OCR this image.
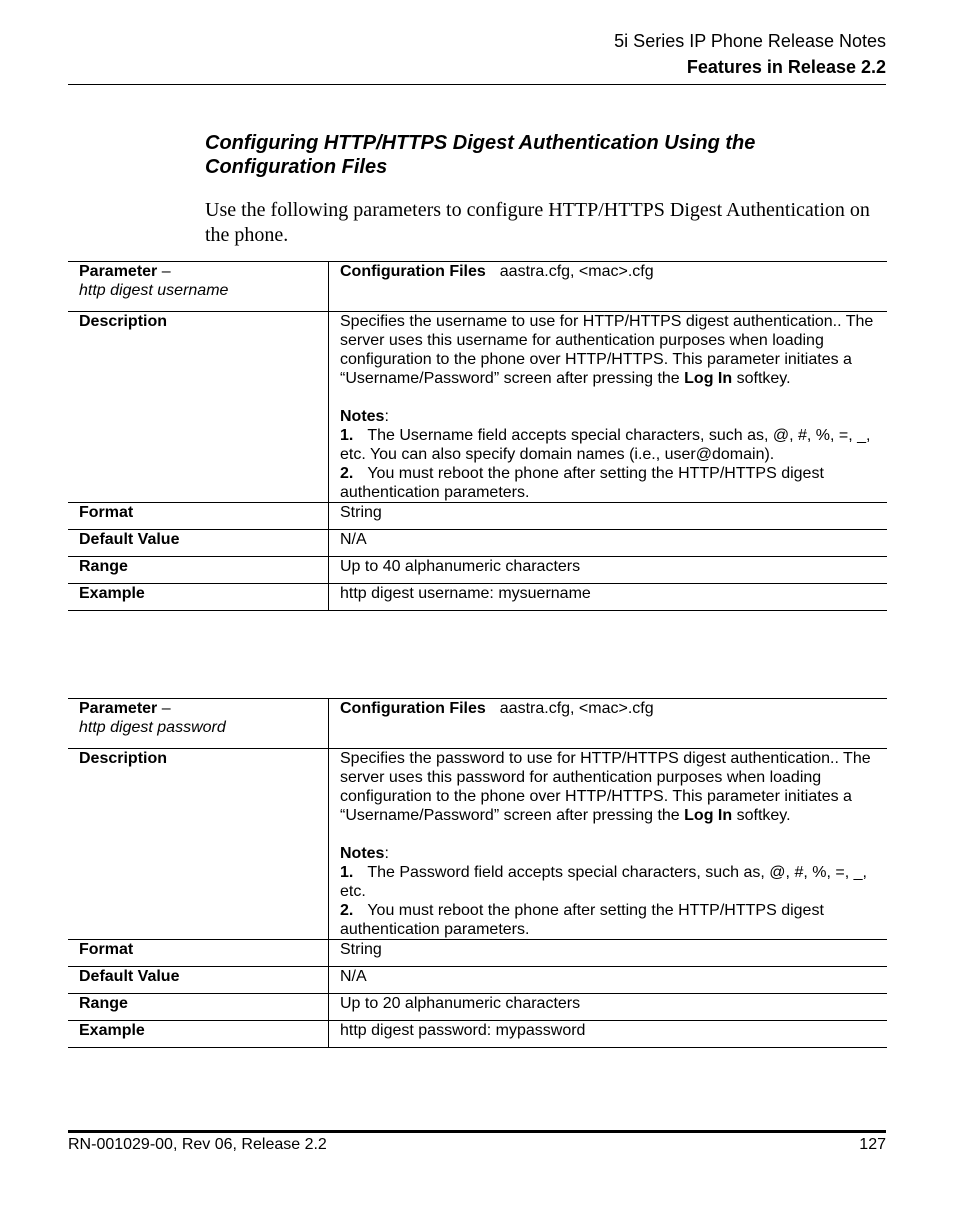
5i Series IP Phone Release Notes
Features in Release 2.2
Configuring HTTP/HTTPS Digest Authentication Using the Configuration Files
Use the following parameters to configure HTTP/HTTPS Digest Authentication on the phone.
Parameter –
http digest username	Configuration Files aastra.cfg, <mac>.cfg
Description	Specifies the username to use for HTTP/HTTPS digest authentication.. The server uses this username for authentication purposes when loading configuration to the phone over HTTP/HTTPS. This parameter initiates a “Username/Password” screen after pressing the Log In softkey.
Notes:
1. The Username field accepts special characters, such as, @, #, %, =, _, etc. You can also specify domain names (i.e., user@domain).
2. You must reboot the phone after setting the HTTP/HTTPS digest authentication parameters.

Format	String
Default Value	N/A
Range	Up to 40 alphanumeric characters
Example	http digest username: mysuername
Parameter –
http digest password	Configuration Files aastra.cfg, <mac>.cfg
Description	Specifies the password to use for HTTP/HTTPS digest authentication.. The server uses this password for authentication purposes when loading configuration to the phone over HTTP/HTTPS. This parameter initiates a “Username/Password” screen after pressing the Log In softkey.
Notes:
1. The Password field accepts special characters, such as, @, #, %, =, _, etc.
2. You must reboot the phone after setting the HTTP/HTTPS digest authentication parameters.

Format	String
Default Value	N/A
Range	Up to 20 alphanumeric characters
Example	http digest password: mypassword
RN-001029-00, Rev 06, Release 2.2	127
